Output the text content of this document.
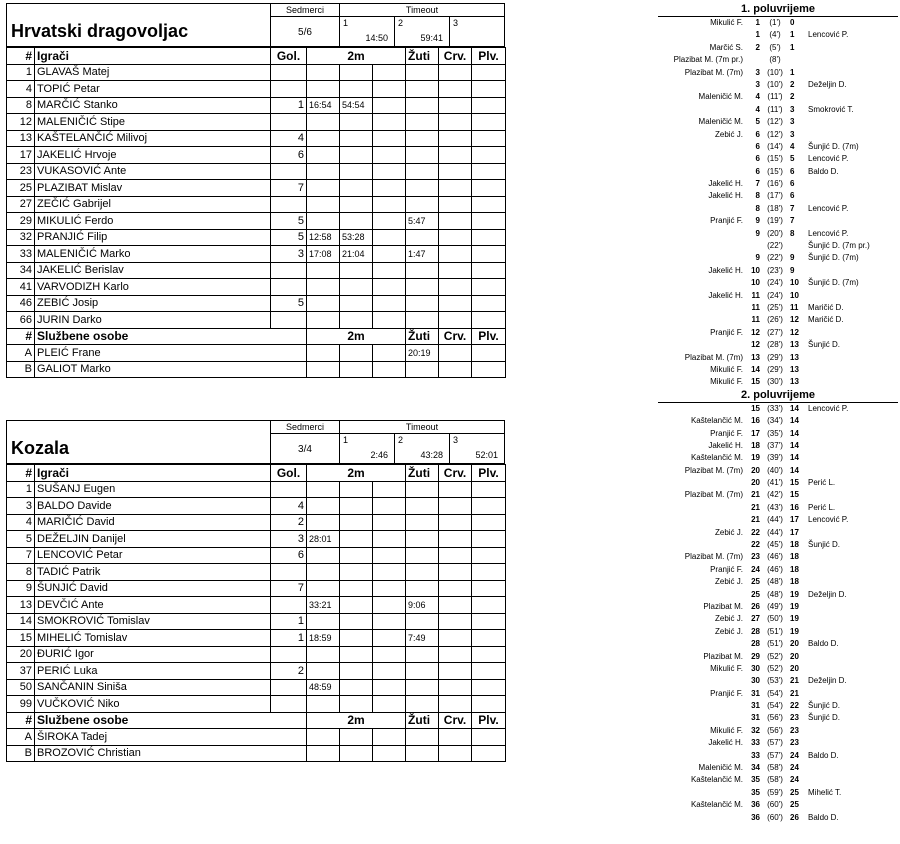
Hrvatski dragovoljac
Sedmerci
5/6
Timeout
1
14:50
2
59:41
3
#	Igrači	Gol.	2m			Žuti	Crv.	Plv.
1	GLAVAŠ Matej							
4	TOPIĆ Petar							
8	MARČIĆ Stanko	1	16:54	54:54				
12	MALENIČIĆ Stipe							
13	KAŠTELANČIĆ Milivoj	4						
17	JAKELIĆ Hrvoje	6						
23	VUKASOVIĆ Ante							
25	PLAZIBAT Mislav	7						
27	ZEČIĆ Gabrijel							
29	MIKULIĆ Ferdo	5				5:47		
32	PRANJIĆ Filip	5	12:58	53:28				
33	MALENIČIĆ Marko	3	17:08	21:04		1:47		
34	JAKELIĆ Berislav							
41	VARVODIZH Karlo							
46	ZEBIĆ Josip	5						
66	JURIN Darko							
#	Službene osobe		2m			Žuti	Crv.	Plv.
A	PLEIĆ Frane					20:19		
B	GALIOT Marko							
Kozala
Sedmerci
3/4
Timeout
1
2:46
2
43:28
3
52:01
#	Igrači	Gol.	2m			Žuti	Crv.	Plv.
1	SUŠANJ Eugen							
3	BALDO Davide	4						
4	MARIČIĆ David	2						
5	DEŽELJIN Danijel	3	28:01					
7	LENCOVIĆ Petar	6						
8	TADIĆ Patrik							
9	ŠUNJIĆ David	7						
13	DEVČIĆ Ante		33:21			9:06		
14	SMOKROVIĆ Tomislav	1						
15	MIHELIĆ Tomislav	1	18:59			7:49		
20	ĐURIĆ Igor							
37	PERIĆ Luka	2						
50	SANČANIN Siniša		48:59					
99	VUČKOVIĆ Niko							
#	Službene osobe		2m			Žuti	Crv.	Plv.
A	ŠIROKA Tadej							
B	BROZOVIĆ Christian							
1. poluvrijeme
Mikulić F.	1	(1')	0
1	(4')	1	Lencović P.
Marčić S.	2	(5')	1
Plazibat M. (7m pr.)	(8')
Plazibat M. (7m)	3 (10') 1
3 (10') 2	Deželjin D.
Maleničić M.	4 (11') 2
4 (11') 3	Smokrović T.
Maleničić M.	5 (12') 3
Zebić J.	6 (12') 3
6 (14') 4	Šunjić D. (7m)
6 (15') 5	Lencović P.
6 (15') 6	Baldo D.
Jakelić H.	7 (16') 6
Jakelić H.	8 (17') 6
8 (18') 7	Lencović P.
Pranjić F.	9 (19') 7
9 (20') 8	Lencović P.
(22')	Šunjić D. (7m pr.)
9 (22') 9	Šunjić D. (7m)
Jakelić H.	10 (23') 9
10 (24') 10	Šunjić D. (7m)
Jakelić H.	11 (24') 10
11 (25') 11	Maričić D.
11 (26') 12	Maričić D.
Pranjić F.	12 (27') 12
12 (28') 13	Šunjić D.
Plazibat M. (7m)	13 (29') 13
Mikulić F.	14 (29') 13
Mikulić F.	15 (30') 13
2. poluvrijeme
15 (33') 14	Lencović P.
Kaštelančić M.	16 (34') 14
Pranjić F.	17 (35') 14
Jakelić H.	18 (37') 14
Kaštelančić M.	19 (39') 14
Plazibat M. (7m)	20 (40') 14
20 (41') 15	Perić L.
Plazibat M. (7m)	21 (42') 15
21 (43') 16	Perić L.
21 (44') 17	Lencović P.
Zebić J.	22 (44') 17
22 (45') 18	Šunjić D.
Plazibat M. (7m)	23 (46') 18
Pranjić F.	24 (46') 18
Zebić J.	25 (48') 18
25 (48') 19	Deželjin D.
Plazibat M.	26 (49') 19
Zebić J.	27 (50') 19
Zebić J.	28 (51') 19
28 (51') 20	Baldo D.
Plazibat M.	29 (52') 20
Mikulić F.	30 (52') 20
30 (53') 21	Deželjin D.
Pranjić F.	31 (54') 21
31 (54') 22	Šunjić D.
31 (56') 23	Šunjić D.
Mikulić F.	32 (56') 23
Jakelić H.	33 (57') 23
33 (57') 24	Baldo D.
Maleničić M.	34 (58') 24
Kaštelančić M.	35 (58') 24
35 (59') 25	Mihelić T.
Kaštelančić M.	36 (60') 25
36 (60') 26	Baldo D.
